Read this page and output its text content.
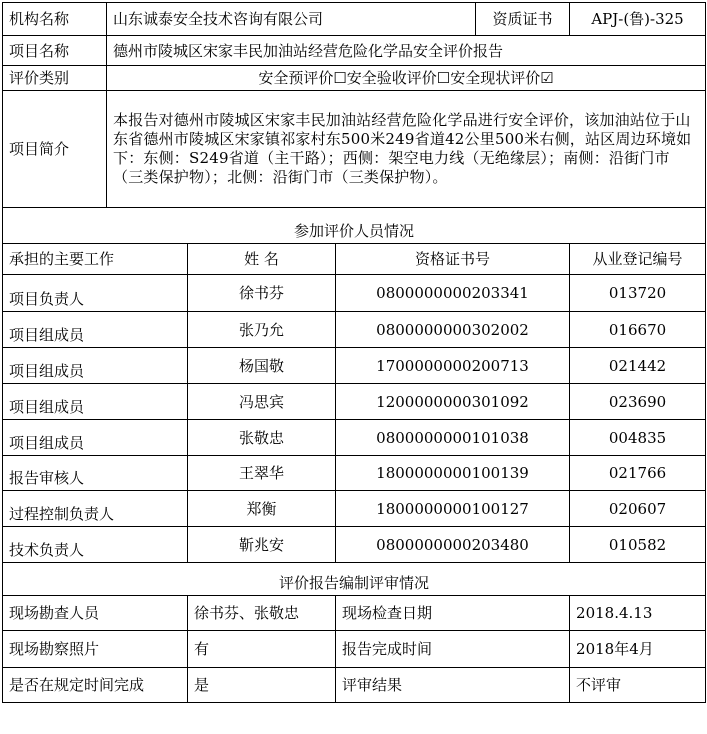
机构名称	山东诚泰安全技术咨询有限公司			资质证书	APJ-(鲁)-325
项目名称	德州市陵城区宋家丰民加油站经营危险化学品安全评价报告				
评价类别	安全预评价☐安全验收评价☐安全现状评价☑				
项目简介	本报告对德州市陵城区宋家丰民加油站经营危险化学品进行安全评价，该加油站位于山东省德州市陵城区宋家镇祁家村东500米249省道42公里500米右侧，站区周边环境如下：东侧：S249省道（主干路）；西侧：架空电力线（无绝缘层）；南侧：沿街门市（三类保护物）；北侧：沿街门市（三类保护物）。				
参加评价人员情况					
承担的主要工作		姓 名	资格证书号		从业登记编号
项目负责人		徐书芬	0800000000203341		013720
项目组成员		张乃允	0800000000302002		016670
项目组成员		杨国敬	1700000000200713		021442
项目组成员		冯思宾	1200000000301092		023690
项目组成员		张敬忠	0800000000101038		004835
报告审核人		王翠华	1800000000100139		021766
过程控制负责人		郑衡	1800000000100127		020607
技术负责人		靳兆安	0800000000203480		010582
评价报告编制评审情况					
现场勘查人员		徐书芬、张敬忠	现场检查日期		2018.4.13
现场勘察照片		有	报告完成时间		2018年4月
是否在规定时间完成		是	评审结果		不评审
